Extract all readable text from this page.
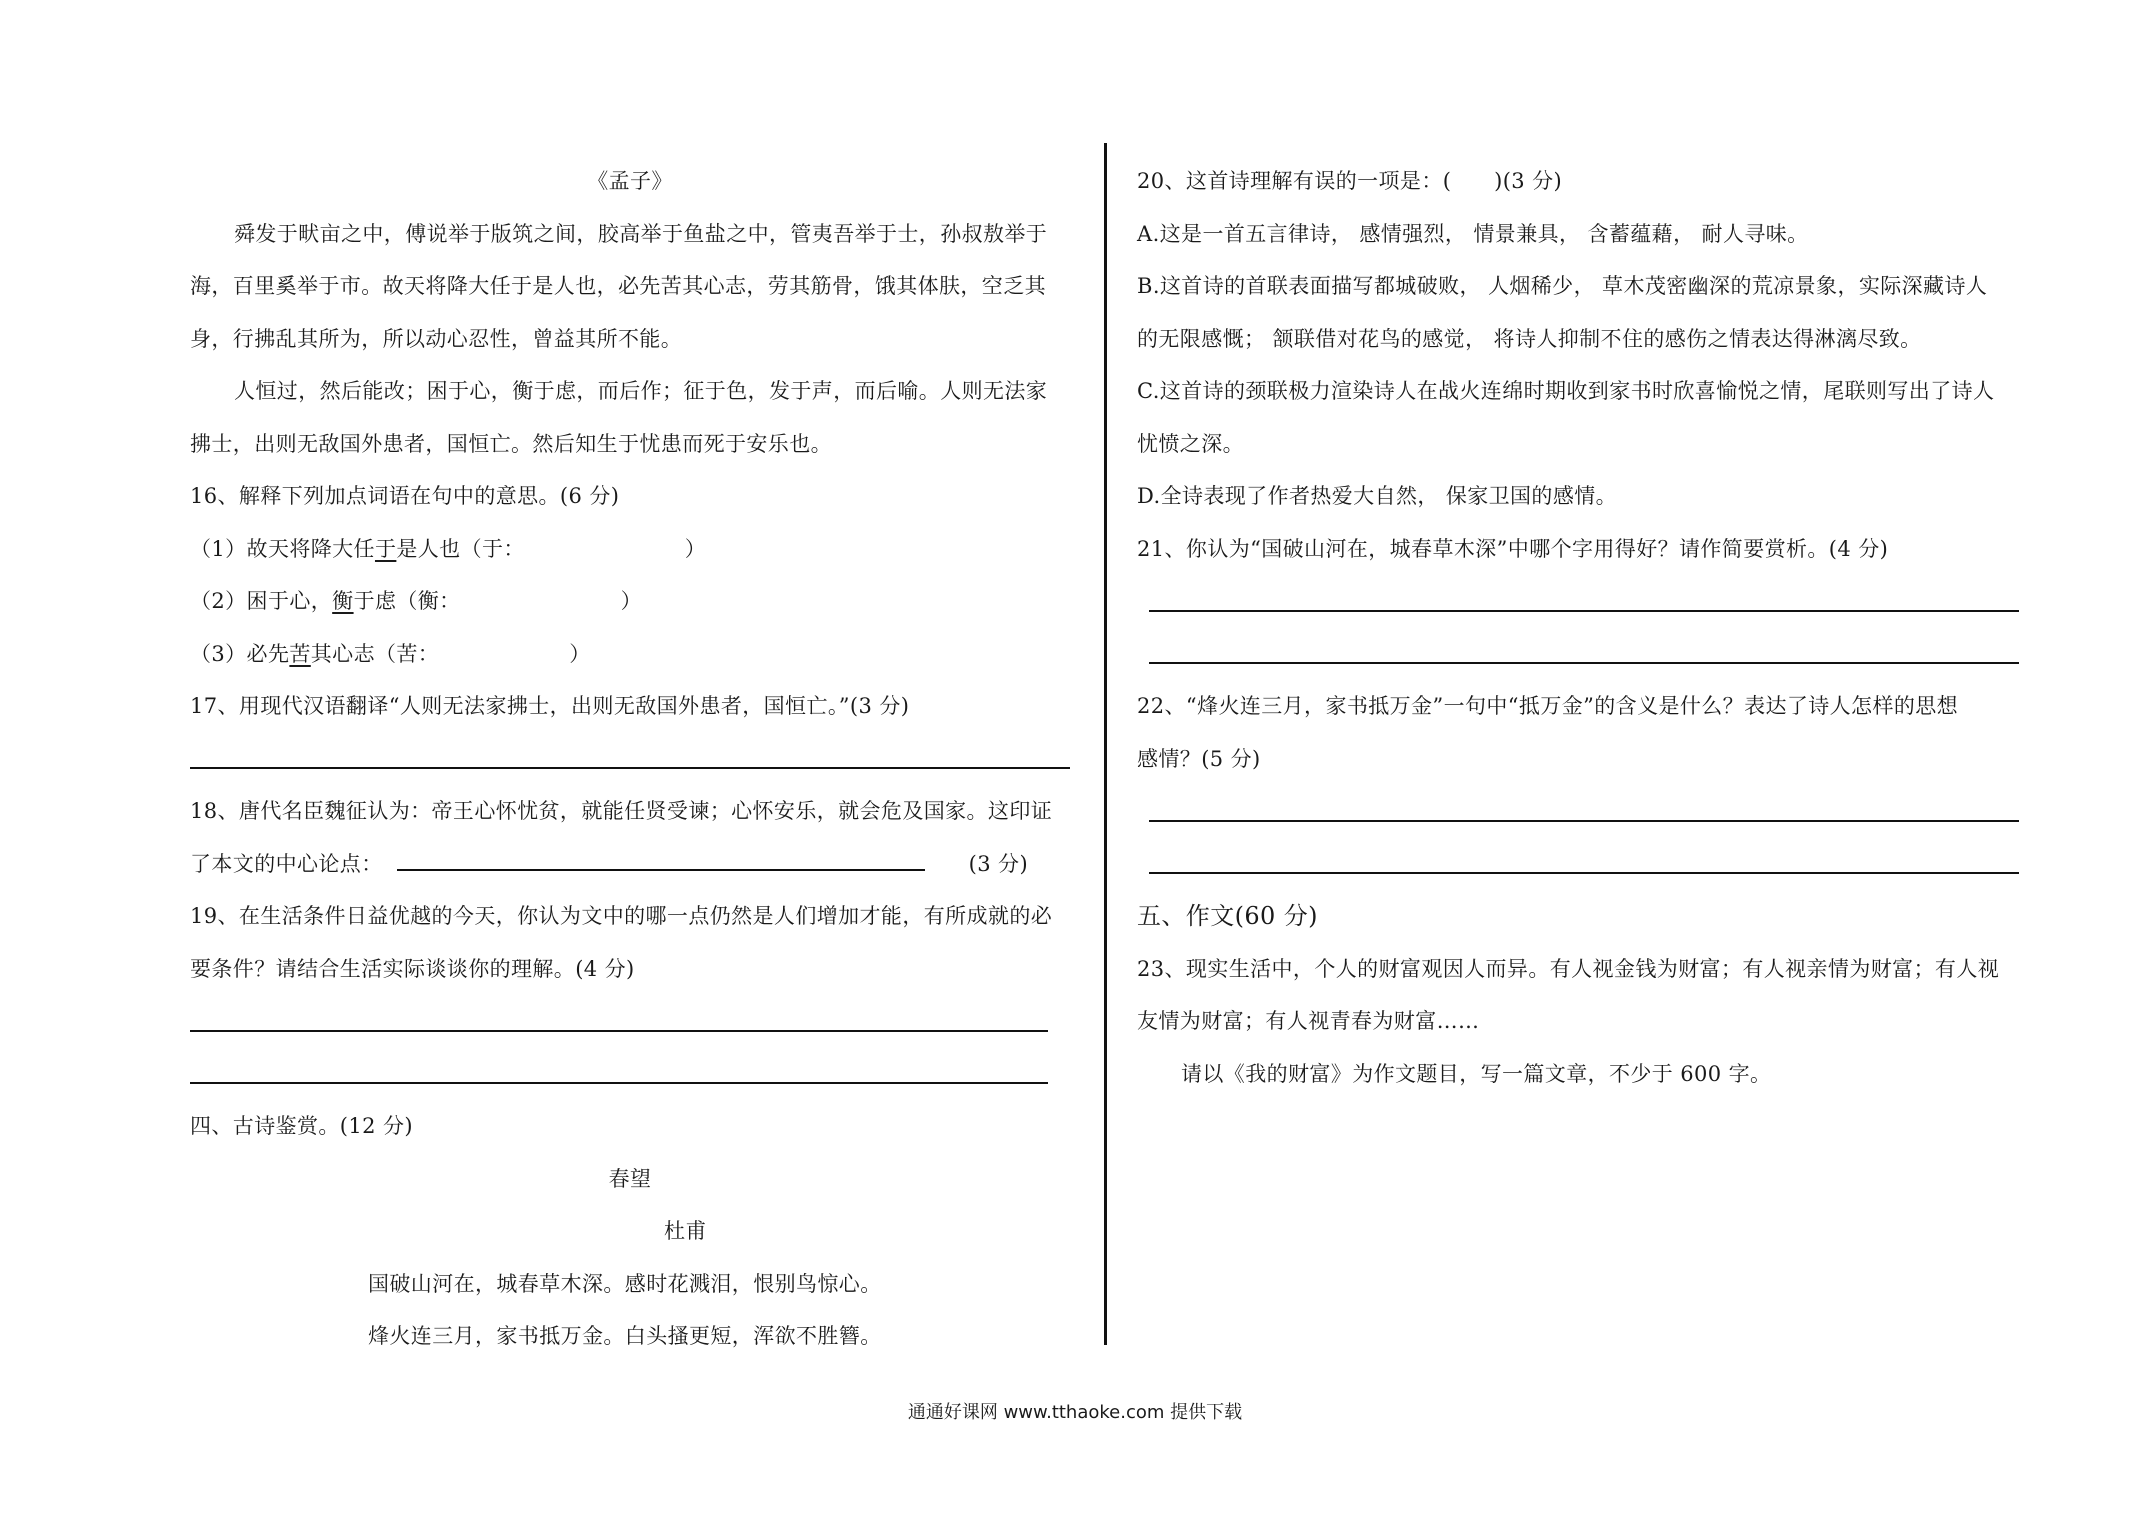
《孟子》
舜发于畎亩之中，傅说举于版筑之间，胶高举于鱼盐之中，管夷吾举于士，孙叔敖举于
海，百里奚举于市。故天将降大任于是人也，必先苦其心志，劳其筋骨，饿其体肤，空乏其
身，行拂乱其所为，所以动心忍性，曾益其所不能。
人恒过，然后能改；困于心，衡于虑，而后作；征于色，发于声，而后喻。人则无法家
拂士，出则无敌国外患者，国恒亡。然后知生于忧患而死于安乐也。
16、解释下列加点词语在句中的意思。(6 分)
（1）故天将降大任于是人也（于：	）
（2）困于心，衡于虑（衡：	）
（3）必先苦其心志（苦：	）
17、用现代汉语翻译“人则无法家拂士，出则无敌国外患者，国恒亡。”(3 分)
18、唐代名臣魏征认为：帝王心怀忧贫，就能任贤受谏；心怀安乐，就会危及国家。这印证
了本文的中心论点：	(3 分)
19、在生活条件日益优越的今天，你认为文中的哪一点仍然是人们增加才能，有所成就的必
要条件？请结合生活实际谈谈你的理解。(4 分)
四、古诗鉴赏。(12 分)
春望
杜甫
国破山河在，城春草木深。感时花溅泪，恨别鸟惊心。
烽火连三月，家书抵万金。白头搔更短，浑欲不胜簪。
20、这首诗理解有误的一项是：(　　)(3 分)
A.这是一首五言律诗， 感情强烈， 情景兼具， 含蓄蕴藉， 耐人寻味。
B.这首诗的首联表面描写都城破败， 人烟稀少， 草木茂密幽深的荒凉景象，实际深藏诗人
的无限感慨； 颔联借对花鸟的感觉， 将诗人抑制不住的感伤之情表达得淋漓尽致。
C.这首诗的颈联极力渲染诗人在战火连绵时期收到家书时欣喜愉悦之情，尾联则写出了诗人
忧愤之深。
D.全诗表现了作者热爱大自然， 保家卫国的感情。
21、你认为“国破山河在，城春草木深”中哪个字用得好？请作简要赏析。(4 分)
22、“烽火连三月，家书抵万金”一句中“抵万金”的含义是什么？表达了诗人怎样的思想
感情？(5 分)
五、作文(60 分)
23、现实生活中，个人的财富观因人而异。有人视金钱为财富；有人视亲情为财富；有人视
友情为财富；有人视青春为财富……
请以《我的财富》为作文题目，写一篇文章，不少于 600 字。
通通好课网 www.tthaoke.com 提供下载
